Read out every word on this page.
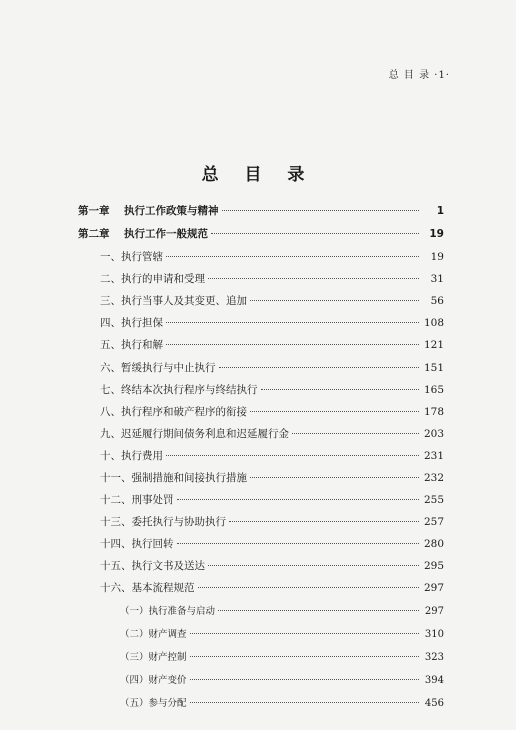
总 目 录 ·1·
总 目 录
第一章 执行工作政策与精神	1
第二章 执行工作一般规范	19
一、执行管辖	19
二、执行的申请和受理	31
三、执行当事人及其变更、追加	56
四、执行担保	108
五、执行和解	121
六、暂缓执行与中止执行	151
七、终结本次执行程序与终结执行	165
八、执行程序和破产程序的衔接	178
九、迟延履行期间债务利息和迟延履行金	203
十、执行费用	231
十一、强制措施和间接执行措施	232
十二、刑事处罚	255
十三、委托执行与协助执行	257
十四、执行回转	280
十五、执行文书及送达	295
十六、基本流程规范	297
（一）执行准备与启动	297
（二）财产调查	310
（三）财产控制	323
（四）财产变价	394
（五）参与分配	456
